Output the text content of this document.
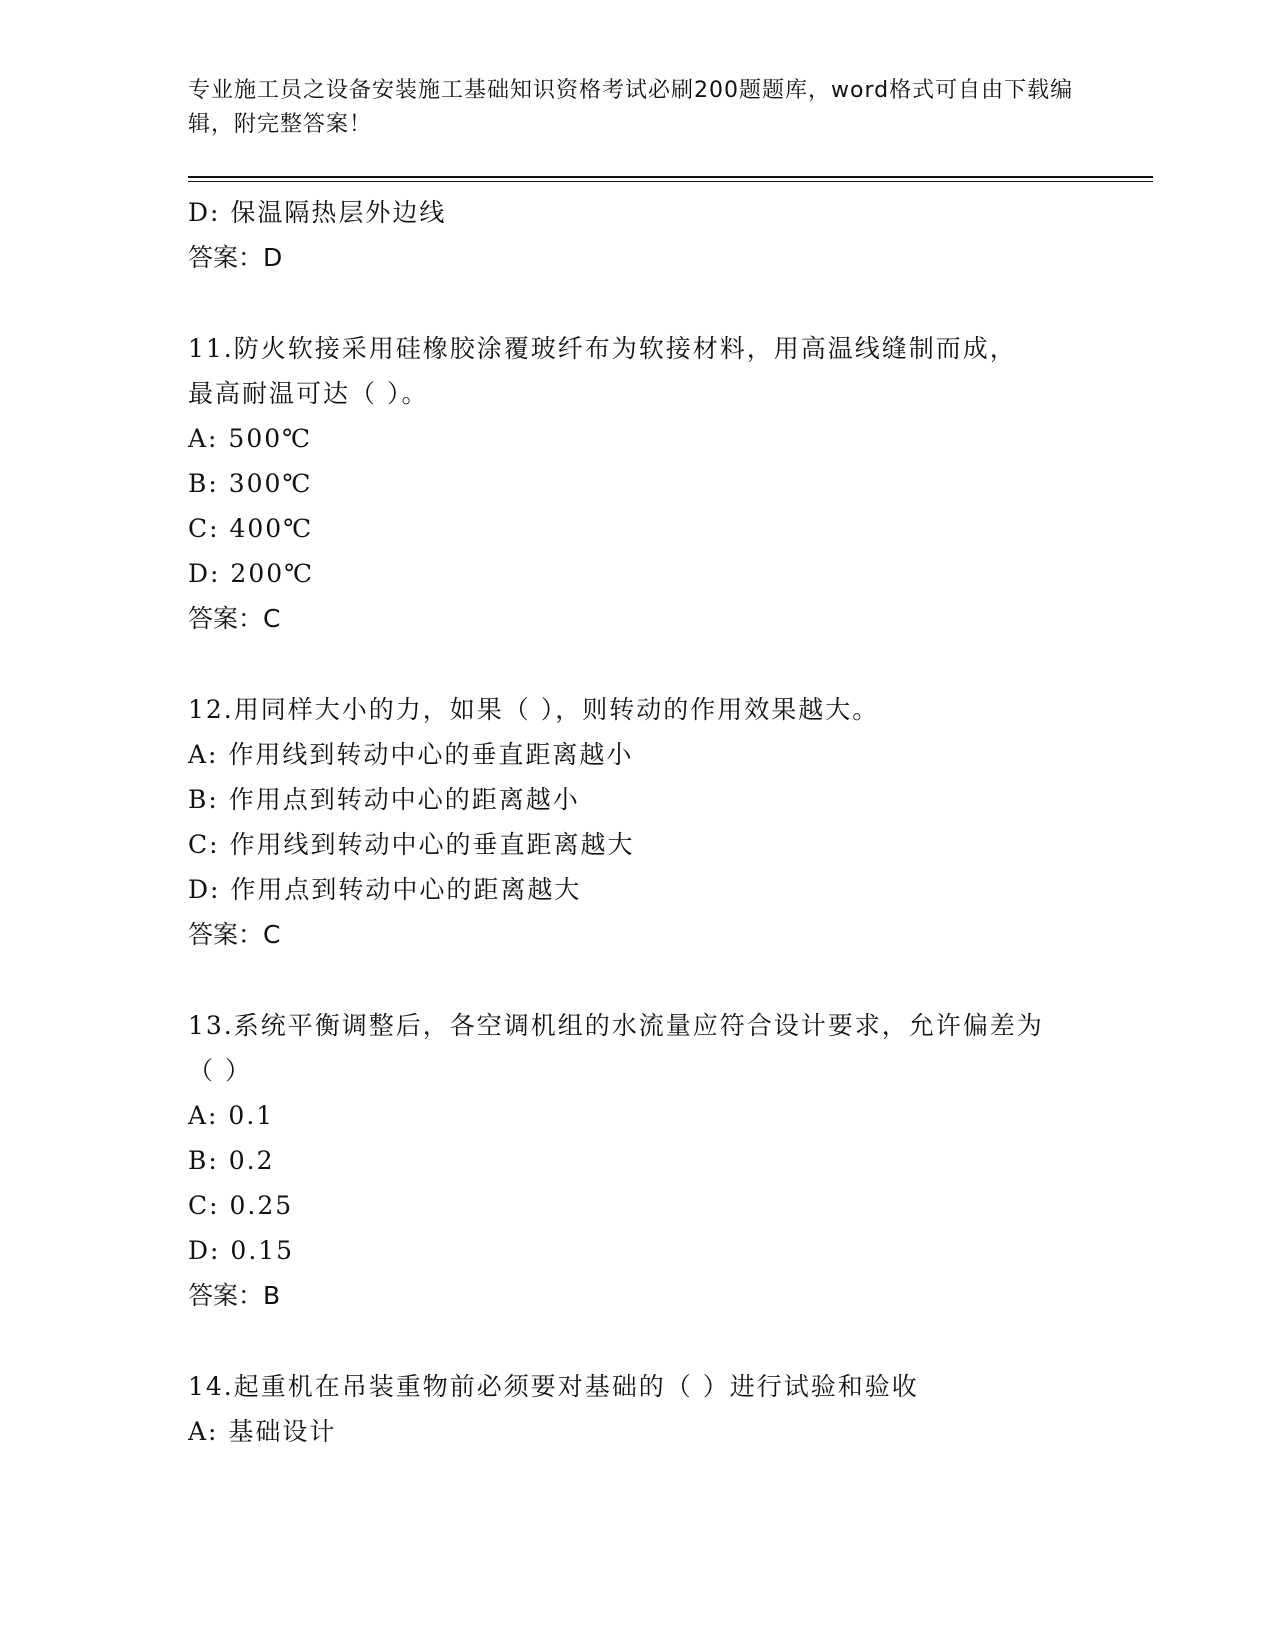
专业施工员之设备安装施工基础知识资格考试必刷200题题库，word格式可自由下载编辑，附完整答案！
D: 保温隔热层外边线
答案：D
11.防火软接采用硅橡胶涂覆玻纤布为软接材料，用高温线缝制而成，最高耐温可达（ ）。
A: 500℃
B: 300℃
C: 400℃
D: 200℃
答案：C
12.用同样大小的力，如果（ ），则转动的作用效果越大。
A: 作用线到转动中心的垂直距离越小
B: 作用点到转动中心的距离越小
C: 作用线到转动中心的垂直距离越大
D: 作用点到转动中心的距离越大
答案：C
13.系统平衡调整后，各空调机组的水流量应符合设计要求，允许偏差为（ ）
A: 0.1
B: 0.2
C: 0.25
D: 0.15
答案：B
14.起重机在吊装重物前必须要对基础的（ ）进行试验和验收
A: 基础设计
